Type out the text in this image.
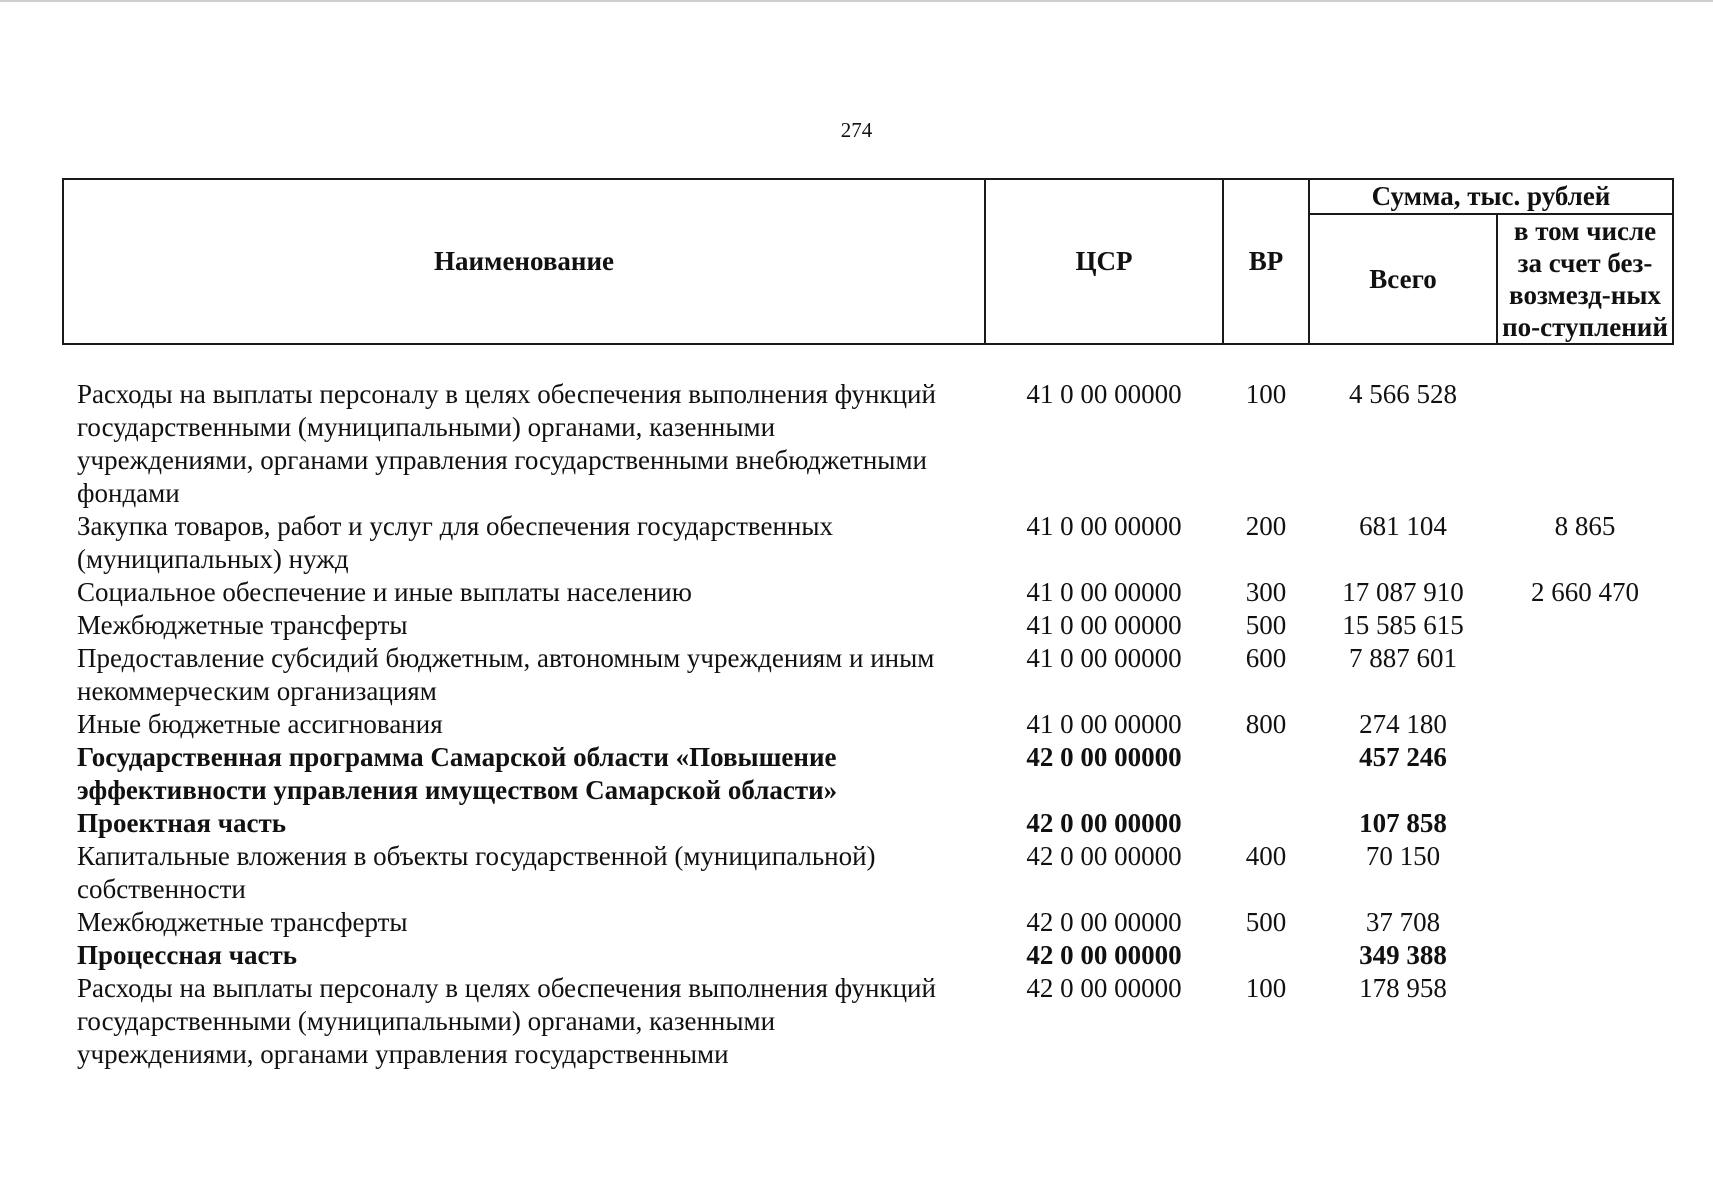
274
Наименование	ЦСР	ВР	Сумма, тыс. рублей	
			Всего	в том числе за счет без-возмезд-ных по-ступлений

Расходы на выплаты персоналу в целях обеспечения выполнения функций государственными (муниципальными) органами, казенными учреждениями, органами управления государственными внебюджетными фондами	41 0 00 00000	100	4 566 528	
Закупка товаров, работ и услуг для обеспечения государственных (муниципальных) нужд	41 0 00 00000	200	681 104	8 865
Социальное обеспечение и иные выплаты населению	41 0 00 00000	300	17 087 910	2 660 470
Межбюджетные трансферты	41 0 00 00000	500	15 585 615	
Предоставление субсидий бюджетным, автономным учреждениям и иным некоммерческим организациям	41 0 00 00000	600	7 887 601	
Иные бюджетные ассигнования	41 0 00 00000	800	274 180	
Государственная программа Самарской области «Повышение эффективности управления имуществом Самарской области»	42 0 00 00000		457 246	
Проектная часть	42 0 00 00000		107 858	
Капитальные вложения в объекты государственной (муниципальной) собственности	42 0 00 00000	400	70 150	
Межбюджетные трансферты	42 0 00 00000	500	37 708	
Процессная часть	42 0 00 00000		349 388	
Расходы на выплаты персоналу в целях обеспечения выполнения функций государственными (муниципальными) органами, казенными учреждениями, органами управления государственными	42 0 00 00000	100	178 958	
